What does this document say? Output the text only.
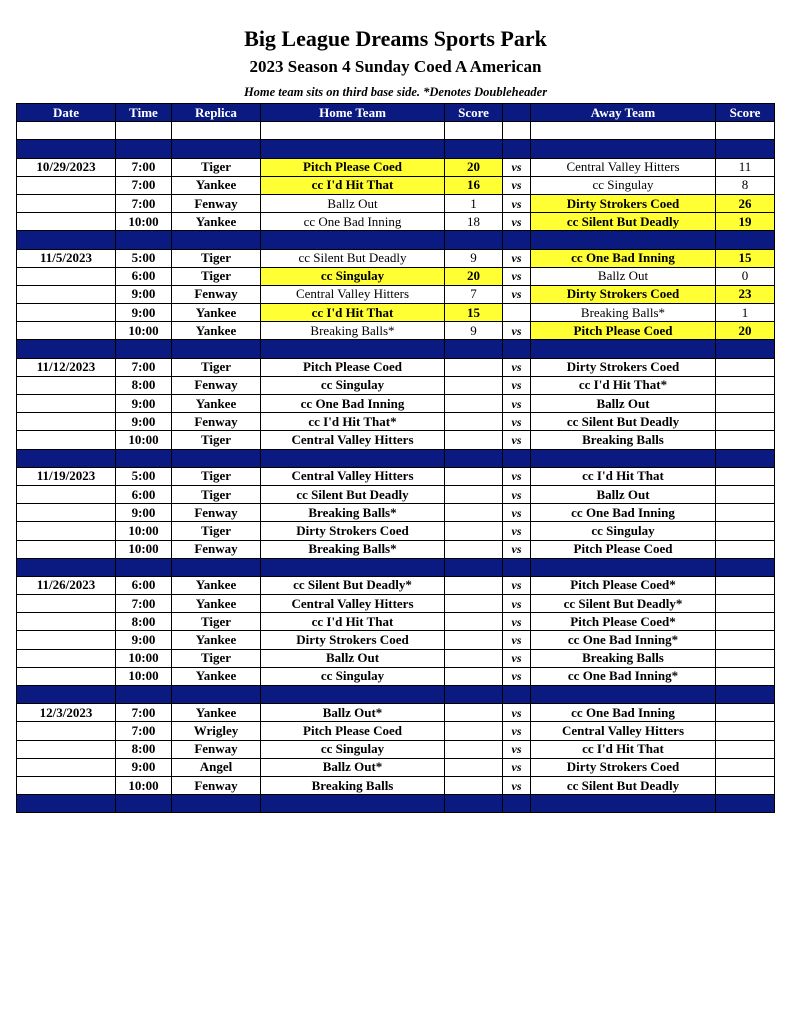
Big League Dreams Sports Park
2023 Season 4 Sunday Coed A American
Home team sits on third base side. *Denotes Doubleheader
Date	Time	Replica	Home Team	Score		Away Team	Score

10/29/2023	7:00	Tiger	Pitch Please Coed	20	vs	Central Valley Hitters	11
	7:00	Yankee	cc I'd Hit That	16	vs	cc Singulay	8
	7:00	Fenway	Ballz Out	1	vs	Dirty Strokers Coed	26
	10:00	Yankee	cc One Bad Inning	18	vs	cc Silent But Deadly	19

11/5/2023	5:00	Tiger	cc Silent But Deadly	9	vs	cc One Bad Inning	15
	6:00	Tiger	cc Singulay	20	vs	Ballz Out	0
	9:00	Fenway	Central Valley Hitters	7	vs	Dirty Strokers Coed	23
	9:00	Yankee	cc I'd Hit That	15		Breaking Balls*	1
	10:00	Yankee	Breaking Balls*	9	vs	Pitch Please Coed	20

11/12/2023	7:00	Tiger	Pitch Please Coed		vs	Dirty Strokers Coed	
	8:00	Fenway	cc Singulay		vs	cc I'd Hit That*	
	9:00	Yankee	cc One Bad Inning		vs	Ballz Out	
	9:00	Fenway	cc I'd Hit That*		vs	cc Silent But Deadly	
	10:00	Tiger	Central Valley Hitters		vs	Breaking Balls	

11/19/2023	5:00	Tiger	Central Valley Hitters		vs	cc I'd Hit That	
	6:00	Tiger	cc Silent But Deadly		vs	Ballz Out	
	9:00	Fenway	Breaking Balls*		vs	cc One Bad Inning	
	10:00	Tiger	Dirty Strokers Coed		vs	cc Singulay	
	10:00	Fenway	Breaking Balls*		vs	Pitch Please Coed	

11/26/2023	6:00	Yankee	cc Silent But Deadly*		vs	Pitch Please Coed*	
	7:00	Yankee	Central Valley Hitters		vs	cc Silent But Deadly*	
	8:00	Tiger	cc I'd Hit That		vs	Pitch Please Coed*	
	9:00	Yankee	Dirty Strokers Coed		vs	cc One Bad Inning*	
	10:00	Tiger	Ballz Out		vs	Breaking Balls	
	10:00	Yankee	cc Singulay		vs	cc One Bad Inning*	

12/3/2023	7:00	Yankee	Ballz Out*		vs	cc One Bad Inning	
	7:00	Wrigley	Pitch Please Coed		vs	Central Valley Hitters	
	8:00	Fenway	cc Singulay		vs	cc I'd Hit That	
	9:00	Angel	Ballz Out*		vs	Dirty Strokers Coed	
	10:00	Fenway	Breaking Balls		vs	cc Silent But Deadly	
